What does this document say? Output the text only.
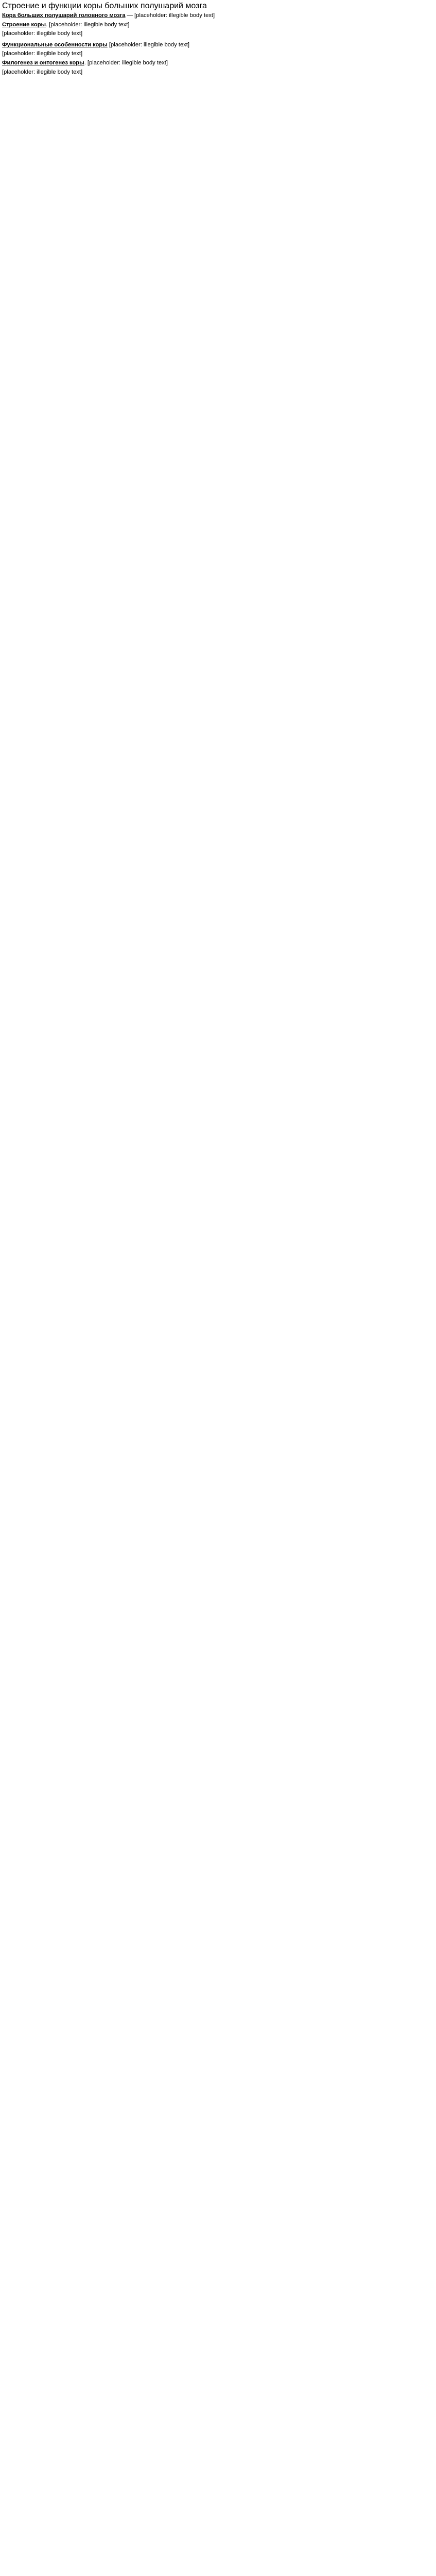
Строение и функции коры больших полушарий мозга

Кора больших полушарий головного мозга — [placeholder: illegible body text]

Строение коры. [placeholder: illegible body text]

[placeholder: illegible body text]

Функциональные особенности коры [placeholder: illegible body text]

[placeholder: illegible body text]

Филогенез и онтогенез коры. [placeholder: illegible body text]

[placeholder: illegible body text]
